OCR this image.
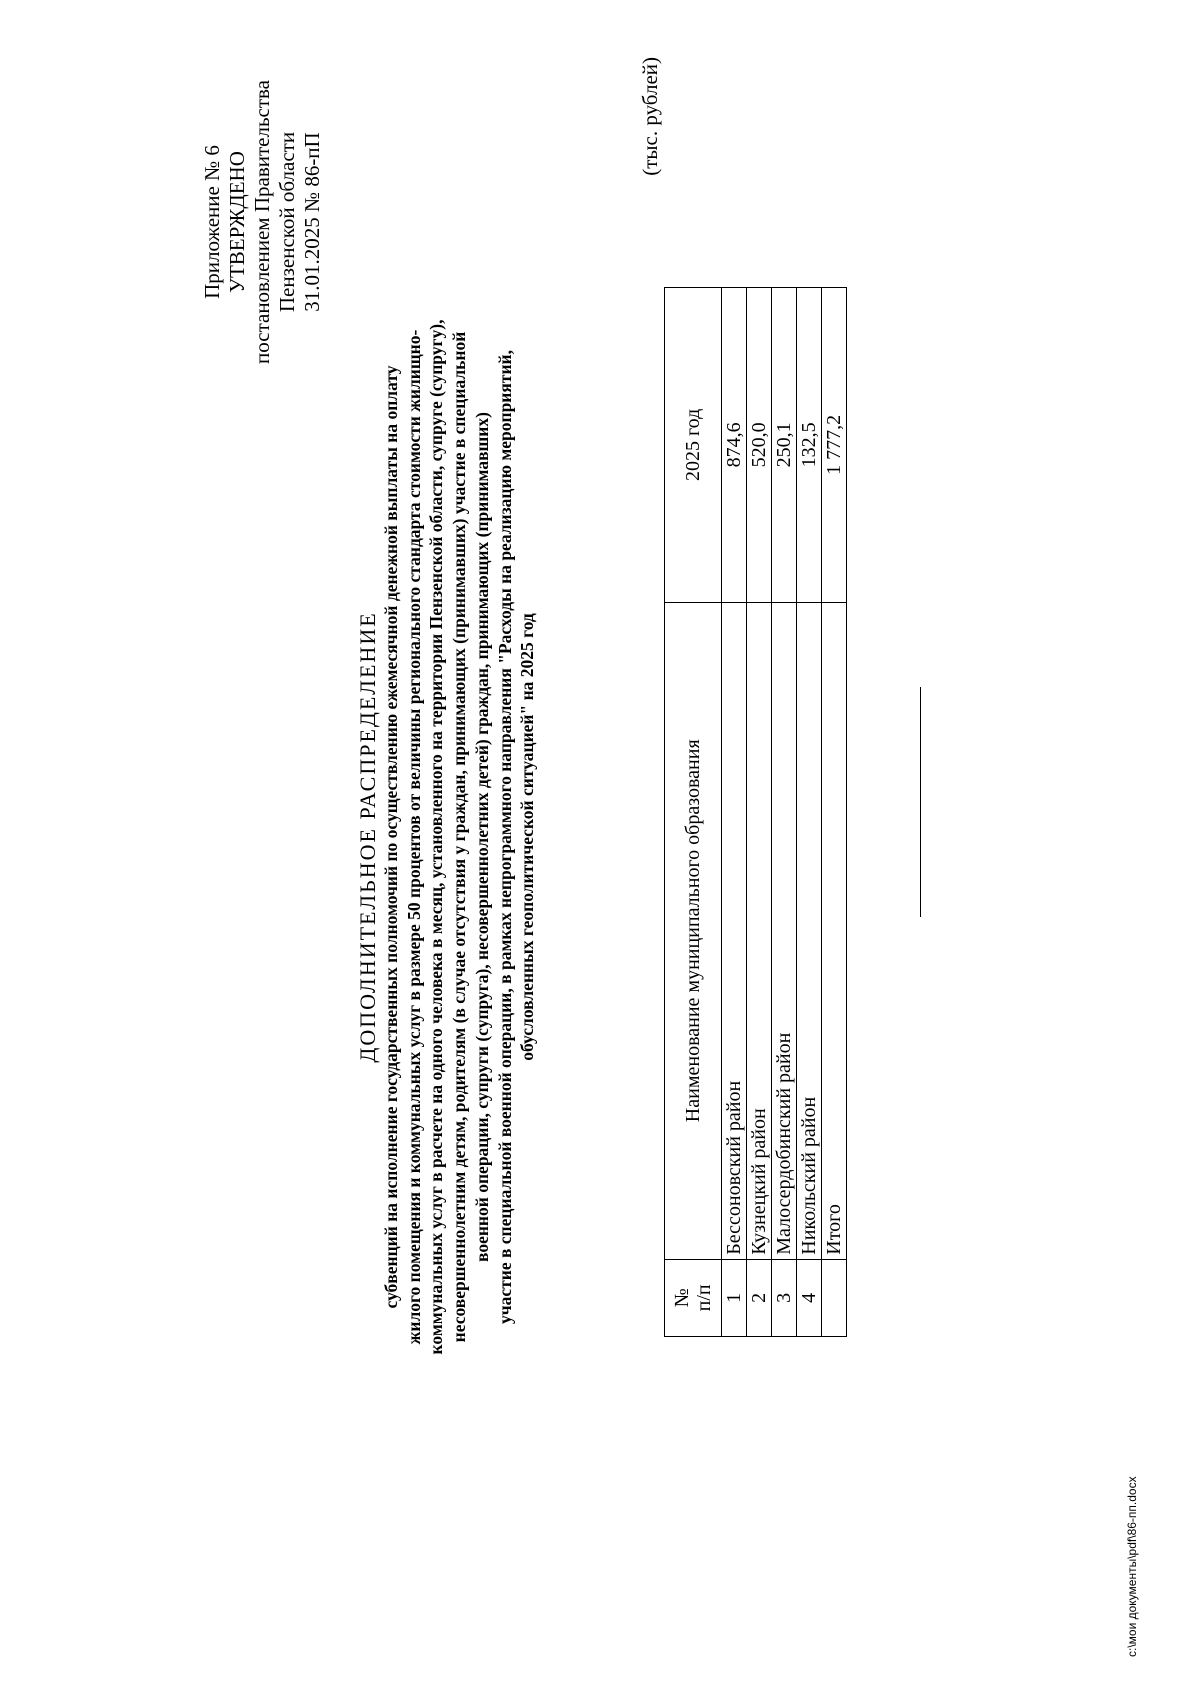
Приложение № 6 УТВЕРЖДЕНО постановлением Правительства Пензенской области 31.01.2025 № 86-пП
ДОПОЛНИТЕЛЬНОЕ РАСПРЕДЕЛЕНИЕ субвенций на исполнение государственных полномочий по осуществлению ежемесячной денежной выплаты на оплату жилого помещения и коммунальных услуг в размере 50 процентов от величины регионального стандарта стоимости жилищно- коммунальных услуг в расчете на одного человека в месяц, установленного на территории Пензенской области, супруге (супругу), несовершеннолетним детям, родителям (в случае отсутствия у граждан, принимающих (принимавших) участие в специальной военной операции, супруги (супруга), несовершеннолетних детей) граждан, принимающих (принимавших) участие в специальной военной операции, в рамках непрограммного направления "Расходы на реализацию мероприятий, обусловленных геополитической ситуацией" на 2025 год
(тыс. рублей)
№ п/п	Наименование муниципального образования	2025 год
1	Бессоновский район	874,6
2	Кузнецкий район	520,0
3	Малосердобинский район	250,1
4	Никольский район	132,5
	Итого	1 777,2
c:\мои документы\pdf\86-пп.docx
